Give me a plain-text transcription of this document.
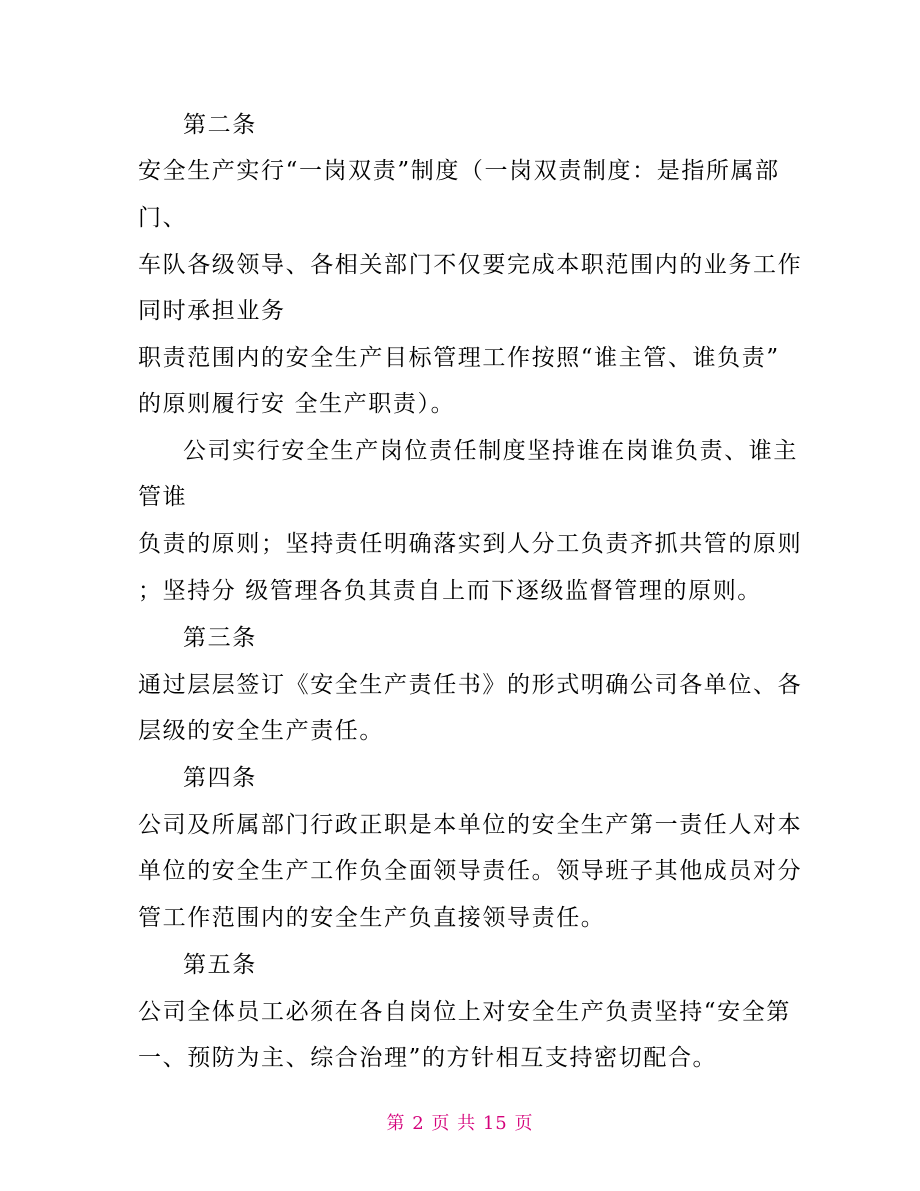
第二条
安全生产实行“一岗双责”制度（一岗双责制度：是指所属部
门、
车队各级领导、各相关部门不仅要完成本职范围内的业务工作
同时承担业务
职责范围内的安全生产目标管理工作按照“谁主管、谁负责”
的原则履行安 全生产职责）。
公司实行安全生产岗位责任制度坚持谁在岗谁负责、谁主
管谁
负责的原则；坚持责任明确落实到人分工负责齐抓共管的原则
；坚持分 级管理各负其责自上而下逐级监督管理的原则。
第三条
通过层层签订《安全生产责任书》的形式明确公司各单位、各
层级的安全生产责任。
第四条
公司及所属部门行政正职是本单位的安全生产第一责任人对本
单位的安全生产工作负全面领导责任。领导班子其他成员对分
管工作范围内的安全生产负直接领导责任。
第五条
公司全体员工必须在各自岗位上对安全生产负责坚持“安全第
一、预防为主、综合治理”的方针相互支持密切配合。
第 2 页 共 15 页
